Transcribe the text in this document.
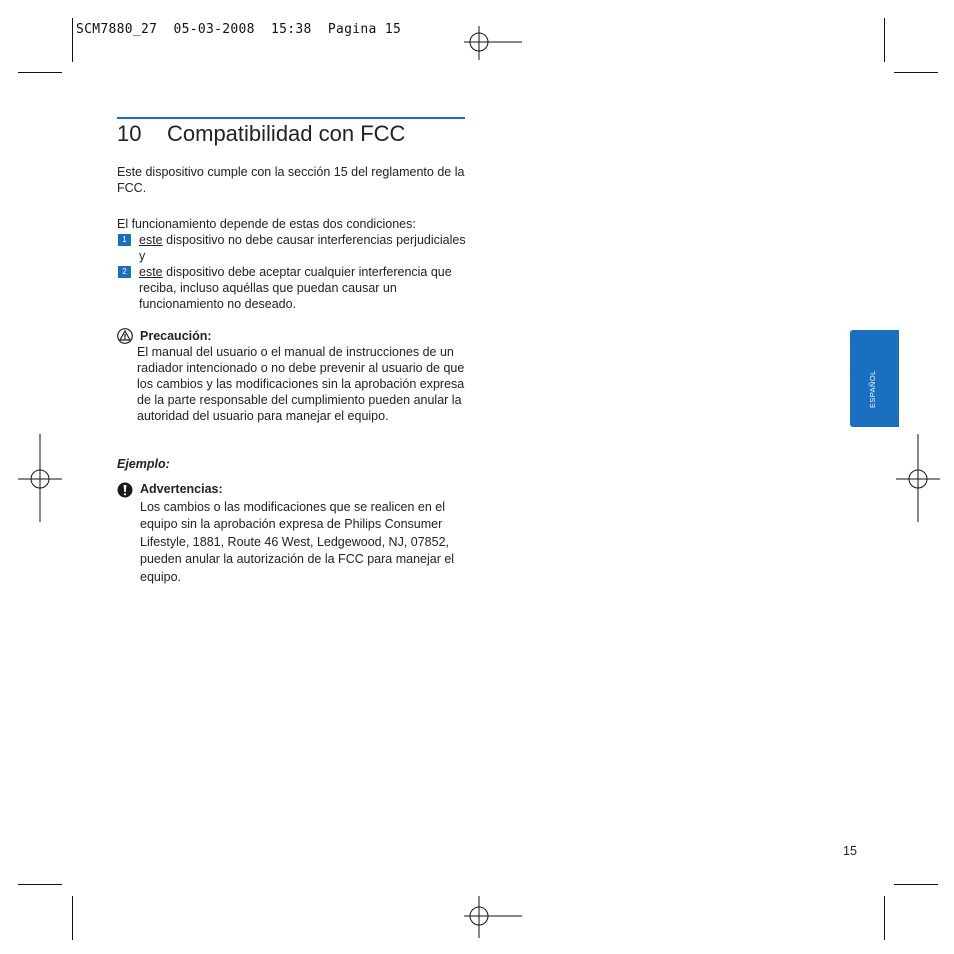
SCM7880_27  05-03-2008  15:38  Pagina 15
10 Compatibilidad con FCC
Este dispositivo cumple con la sección 15 del reglamento de la FCC.
El funcionamiento depende de estas dos condiciones:
1 este dispositivo no debe causar interferencias perjudiciales y
2 este dispositivo debe aceptar cualquier interferencia que reciba, incluso aquéllas que puedan causar un funcionamiento no deseado.
Precaución:
El manual del usuario o el manual de instrucciones de un radiador intencionado o no debe prevenir al usuario de que los cambios y las modificaciones sin la aprobación expresa de la parte responsable del cumplimiento pueden anular la autoridad del usuario para manejar el equipo.
Ejemplo:
Advertencias:
Los cambios o las modificaciones que se realicen en el equipo sin la aprobación expresa de Philips Consumer Lifestyle, 1881, Route 46 West, Ledgewood, NJ, 07852, pueden anular la autorización de la FCC para manejar el equipo.
ESPAÑOL
15
